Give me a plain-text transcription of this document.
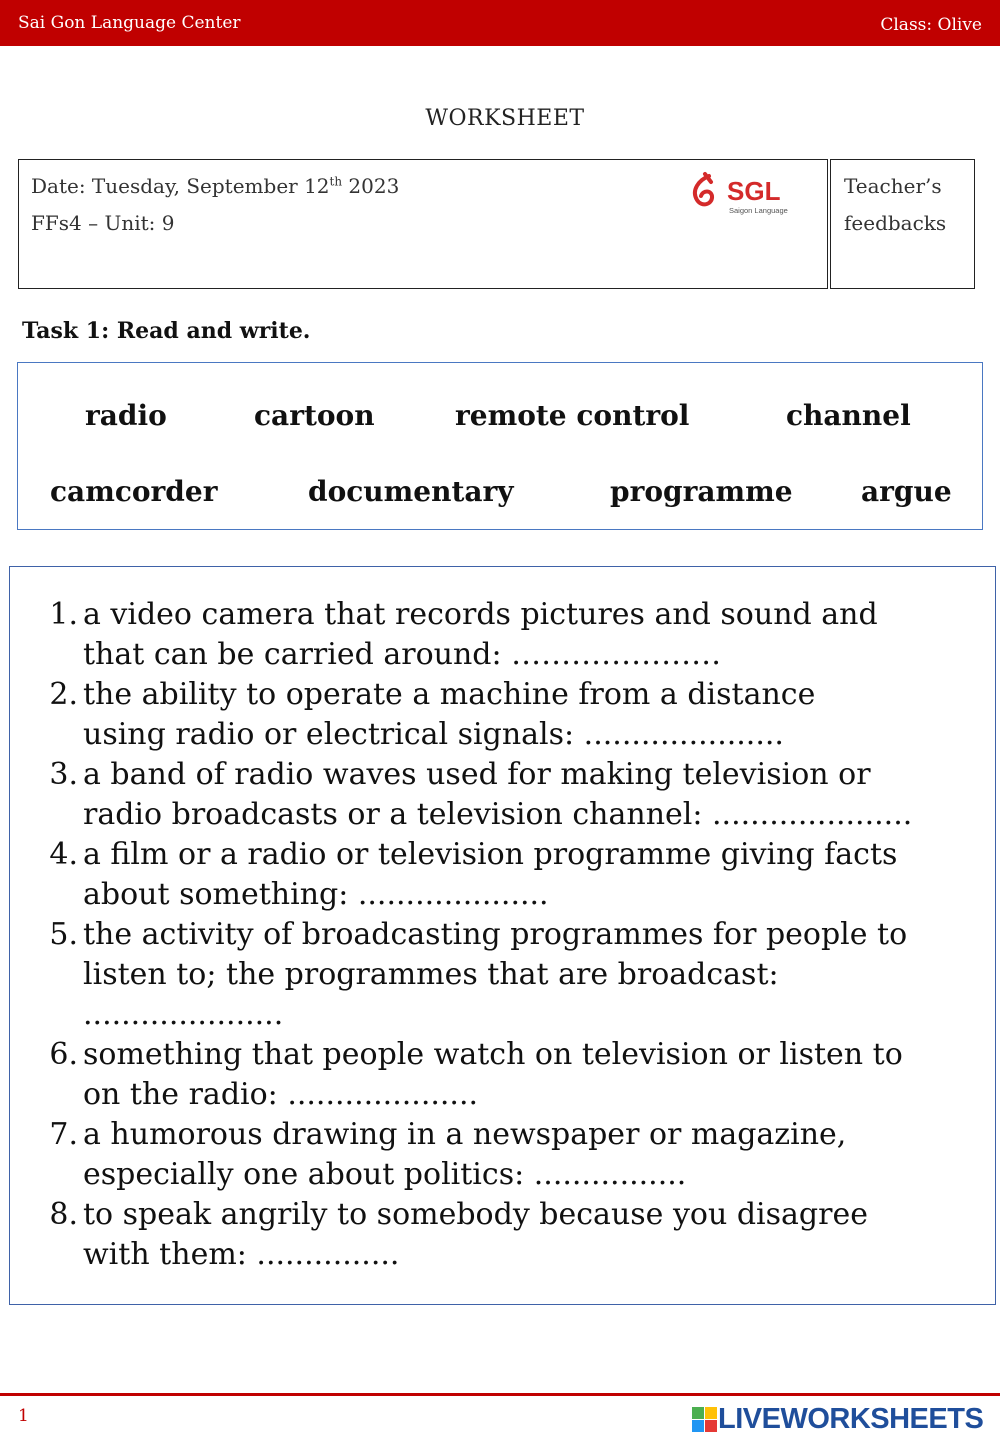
Sai Gon Language Center	Class: Olive
WORKSHEET
Date: Tuesday, September 12th 2023
FFs4 – Unit: 9
SGL
Saigon Language
Teacher’s
feedbacks
Task 1: Read and write.
radio	cartoon	remote control	channel
camcorder	documentary	programme argue
1. a video camera that records pictures and sound and
that can be carried around: …………………
2. the ability to operate a machine from a distance
using radio or electrical signals: .....................
3. a band of radio waves used for making television or
radio broadcasts or a television channel: .....................
4. a film or a radio or television programme giving facts
about something: ....................
5. the activity of broadcasting programmes for people to
listen to; the programmes that are broadcast:
.....................
6. something that people watch on television or listen to
on the radio: ....................
7. a humorous drawing in a newspaper or magazine,
especially one about politics: ................
8. to speak angrily to somebody because you disagree
with them: ...............
1	LIVEWORKSHEETS
